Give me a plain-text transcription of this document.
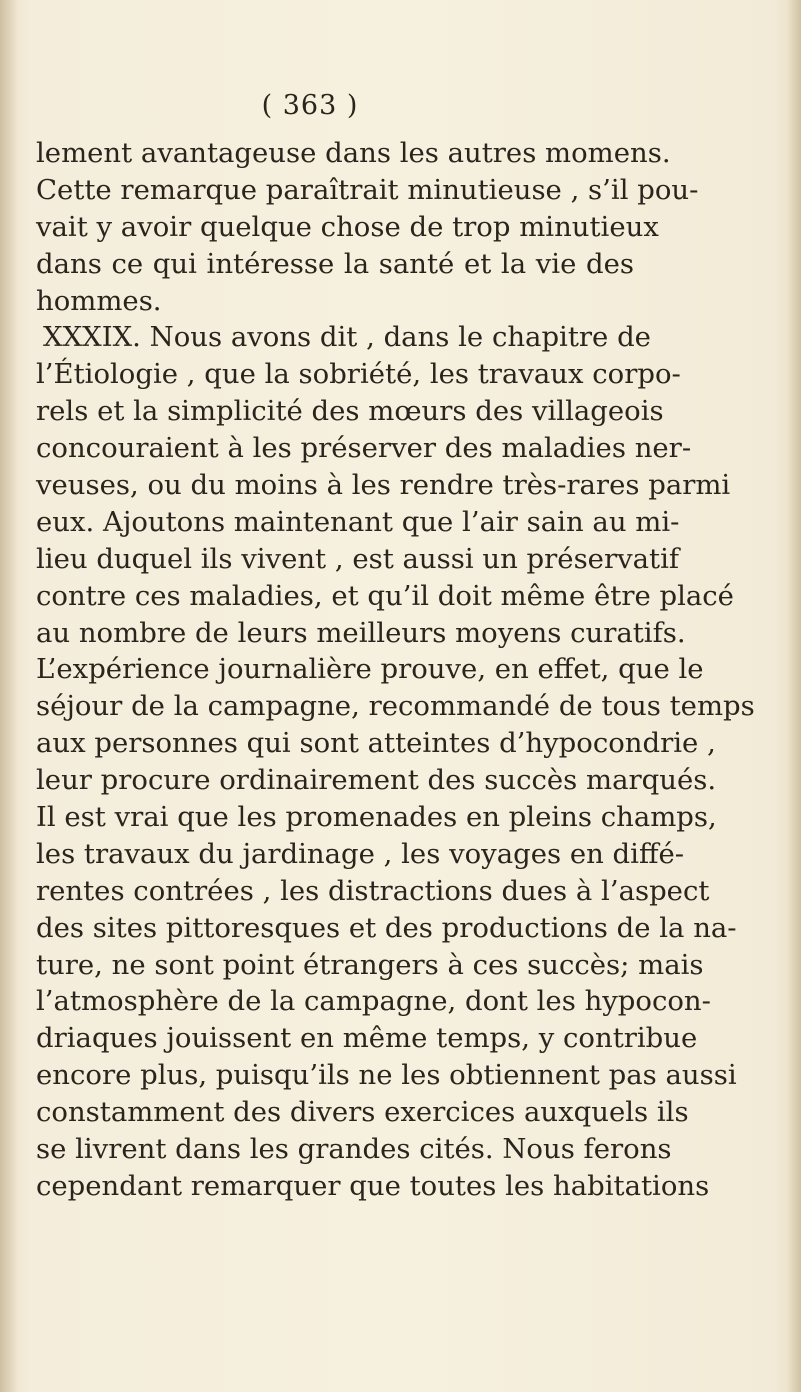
( 363 )
lement avantageuse dans les autres momens.
Cette remarque paraîtrait minutieuse , s’il pou-
vait y avoir quelque chose de trop minutieux
dans ce qui intéresse la santé et la vie des
hommes.
XXXIX. Nous avons dit , dans le chapitre de
l’Étiologie , que la sobriété, les travaux corpo-
rels et la simplicité des mœurs des villageois
concouraient à les préserver des maladies ner-
veuses, ou du moins à les rendre très-rares parmi
eux. Ajoutons maintenant que l’air sain au mi-
lieu duquel ils vivent , est aussi un préservatif
contre ces maladies, et qu’il doit même être placé
au nombre de leurs meilleurs moyens curatifs.
L’expérience journalière prouve, en effet, que le
séjour de la campagne, recommandé de tous temps
aux personnes qui sont atteintes d’hypocondrie ,
leur procure ordinairement des succès marqués.
Il est vrai que les promenades en pleins champs,
les travaux du jardinage , les voyages en diffé-
rentes contrées , les distractions dues à l’aspect
des sites pittoresques et des productions de la na-
ture, ne sont point étrangers à ces succès; mais
l’atmosphère de la campagne, dont les hypocon-
driaques jouissent en même temps, y contribue
encore plus, puisqu’ils ne les obtiennent pas aussi
constamment des divers exercices auxquels ils
se livrent dans les grandes cités. Nous ferons
cependant remarquer que toutes les habitations
